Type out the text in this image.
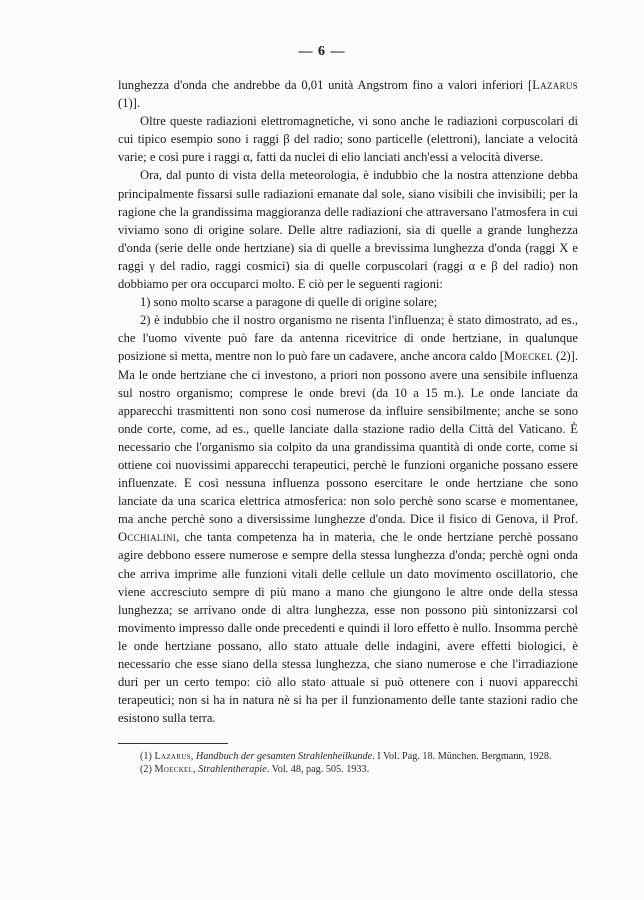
— 6 —

lunghezza d'onda che andrebbe da 0,01 unità Angstrom fino a valori inferiori [Lazarus (1)].

Oltre queste radiazioni elettromagnetiche, vi sono anche le radiazioni corpuscolari di cui tipico esempio sono i raggi β del radio; sono particelle (elettroni), lanciate a velocità varie; e così pure i raggi α, fatti da nuclei di elio lanciati anch'essi a velocità diverse.

Ora, dal punto di vista della meteorologia, è indubbio che la nostra attenzione debba principalmente fissarsi sulle radiazioni emanate dal sole, siano visibili che invisibili; per la ragione che la grandissima maggioranza delle radiazioni che attraversano l'atmosfera in cui viviamo sono di origine solare. Delle altre radiazioni, sia di quelle a grande lunghezza d'onda (serie delle onde hertziane) sia di quelle a brevissima lunghezza d'onda (raggi X e raggi γ del radio, raggi cosmici) sia di quelle corpuscolari (raggi α e β del radio) non dobbiamo per ora occuparci molto. E ciò per le seguenti ragioni:

1) sono molto scarse a paragone di quelle di origine solare;

2) è indubbio che il nostro organismo ne risenta l'influenza; è stato dimostrato, ad es., che l'uomo vivente può fare da antenna ricevitrice di onde hertziane, in qualunque posizione si metta, mentre non lo può fare un cadavere, anche ancora caldo [Moeckel (2)]. Ma le onde hertziane che ci investono, a priori non possono avere una sensibile influenza sul nostro organismo; comprese le onde brevi (da 10 a 15 m.). Le onde lanciate da apparecchi trasmittenti non sono così numerose da influire sensibilmente; anche se sono onde corte, come, ad es., quelle lanciate dalla stazione radio della Città del Vaticano. È necessario che l'organismo sia colpito da una grandissima quantità di onde corte, come si ottiene coi nuovissimi apparecchi terapeutici, perchè le funzioni organiche possano essere influenzate. E così nessuna influenza possono esercitare le onde hertziane che sono lanciate da una scarica elettrica atmosferica: non solo perchè sono scarse e momentanee, ma anche perchè sono a diversissime lunghezze d'onda. Dice il fisico di Genova, il Prof. Occhialini, che tanta competenza ha in materia, che le onde hertziane perchè possano agire debbono essere numerose e sempre della stessa lunghezza d'onda; perchè ogni onda che arriva imprime alle funzioni vitali delle cellule un dato movimento oscillatorio, che viene accresciuto sempre di più mano a mano che giungono le altre onde della stessa lunghezza; se arrivano onde di altra lunghezza, esse non possono più sintonizzarsi col movimento impresso dalle onde precedenti e quindi il loro effetto è nullo. Insomma perchè le onde hertziane possano, allo stato attuale delle indagini, avere effetti biologici, è necessario che esse siano della stessa lunghezza, che siano numerose e che l'irradiazione duri per un certo tempo: ciò allo stato attuale si può ottenere con i nuovi apparecchi terapeutici; non si ha in natura nè si ha per il funzionamento delle tante stazioni radio che esistono sulla terra.

(1) Lazarus, Handbuch der gesamten Strahlenheilkunde. I Vol. Pag. 18. München. Bergmann, 1928.

(2) Moeckel, Strahlentherapie. Vol. 48, pag. 505. 1933.
